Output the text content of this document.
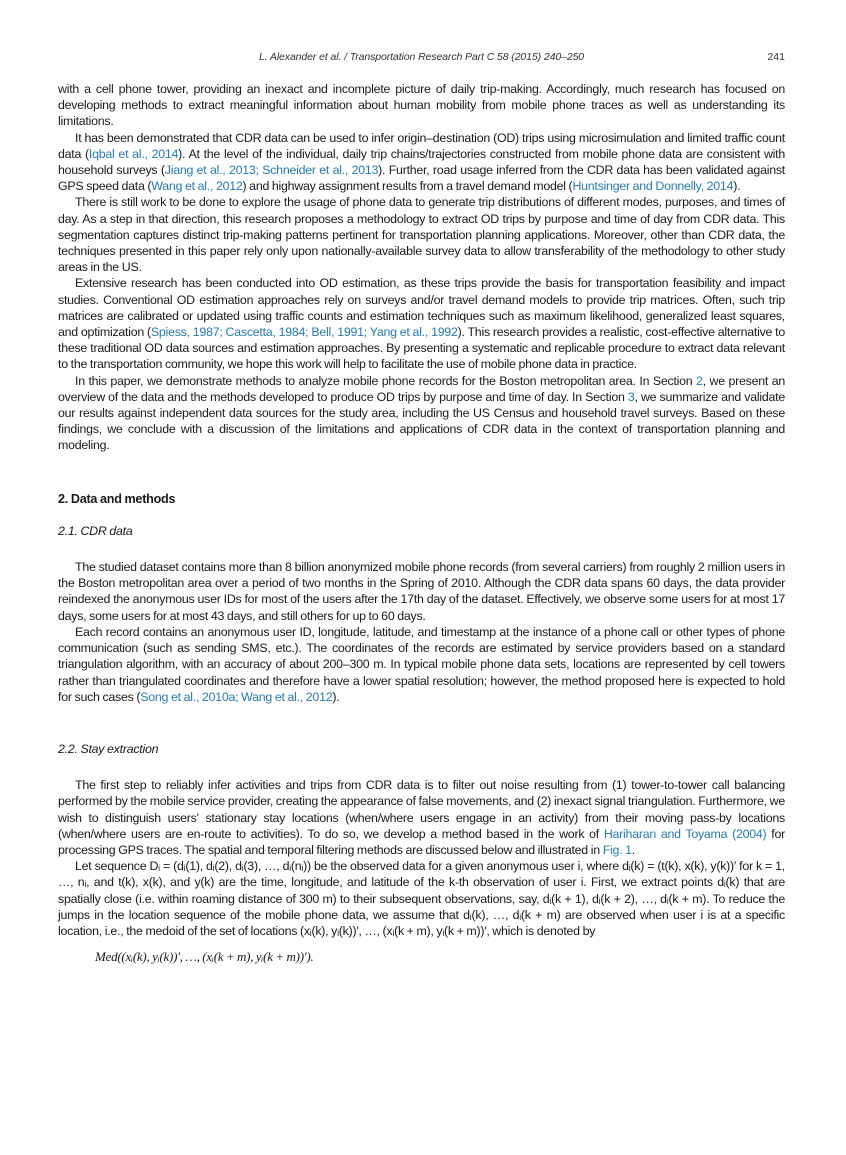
L. Alexander et al. / Transportation Research Part C 58 (2015) 240–250	241

with a cell phone tower, providing an inexact and incomplete picture of daily trip-making. Accordingly, much research has focused on developing methods to extract meaningful information about human mobility from mobile phone traces as well as understanding its limitations.

It has been demonstrated that CDR data can be used to infer origin–destination (OD) trips using microsimulation and limited traffic count data (Iqbal et al., 2014). At the level of the individual, daily trip chains/trajectories constructed from mobile phone data are consistent with household surveys (Jiang et al., 2013; Schneider et al., 2013). Further, road usage inferred from the CDR data has been validated against GPS speed data (Wang et al., 2012) and highway assignment results from a travel demand model (Huntsinger and Donnelly, 2014).

There is still work to be done to explore the usage of phone data to generate trip distributions of different modes, purposes, and times of day. As a step in that direction, this research proposes a methodology to extract OD trips by purpose and time of day from CDR data. This segmentation captures distinct trip-making patterns pertinent for transportation planning applications. Moreover, other than CDR data, the techniques presented in this paper rely only upon nationally-available survey data to allow transferability of the methodology to other study areas in the US.

Extensive research has been conducted into OD estimation, as these trips provide the basis for transportation feasibility and impact studies. Conventional OD estimation approaches rely on surveys and/or travel demand models to provide trip matrices. Often, such trip matrices are calibrated or updated using traffic counts and estimation techniques such as maximum likelihood, generalized least squares, and optimization (Spiess, 1987; Cascetta, 1984; Bell, 1991; Yang et al., 1992). This research provides a realistic, cost-effective alternative to these traditional OD data sources and estimation approaches. By presenting a systematic and replicable procedure to extract data relevant to the transportation community, we hope this work will help to facilitate the use of mobile phone data in practice.

In this paper, we demonstrate methods to analyze mobile phone records for the Boston metropolitan area. In Section 2, we present an overview of the data and the methods developed to produce OD trips by purpose and time of day. In Section 3, we summarize and validate our results against independent data sources for the study area, including the US Census and household travel surveys. Based on these findings, we conclude with a discussion of the limitations and applications of CDR data in the context of transportation planning and modeling.

2. Data and methods
2.1. CDR data

The studied dataset contains more than 8 billion anonymized mobile phone records (from several carriers) from roughly 2 million users in the Boston metropolitan area over a period of two months in the Spring of 2010. Although the CDR data spans 60 days, the data provider reindexed the anonymous user IDs for most of the users after the 17th day of the dataset. Effectively, we observe some users for at most 17 days, some users for at most 43 days, and still others for up to 60 days.

Each record contains an anonymous user ID, longitude, latitude, and timestamp at the instance of a phone call or other types of phone communication (such as sending SMS, etc.). The coordinates of the records are estimated by service providers based on a standard triangulation algorithm, with an accuracy of about 200–300 m. In typical mobile phone data sets, locations are represented by cell towers rather than triangulated coordinates and therefore have a lower spatial resolution; however, the method proposed here is expected to hold for such cases (Song et al., 2010a; Wang et al., 2012).

2.2. Stay extraction

The first step to reliably infer activities and trips from CDR data is to filter out noise resulting from (1) tower-to-tower call balancing performed by the mobile service provider, creating the appearance of false movements, and (2) inexact signal triangulation. Furthermore, we wish to distinguish users' stationary stay locations (when/where users engage in an activity) from their moving pass-by locations (when/where users are en-route to activities). To do so, we develop a method based in the work of Hariharan and Toyama (2004) for processing GPS traces. The spatial and temporal filtering methods are discussed below and illustrated in Fig. 1.

Let sequence Dᵢ = (dᵢ(1), dᵢ(2), dᵢ(3), …, dᵢ(nᵢ)) be the observed data for a given anonymous user i, where dᵢ(k) = (t(k), x(k), y(k))′ for k = 1, …, nᵢ, and t(k), x(k), and y(k) are the time, longitude, and latitude of the k-th observation of user i. First, we extract points dᵢ(k) that are spatially close (i.e. within roaming distance of 300 m) to their subsequent observations, say, dᵢ(k + 1), dᵢ(k + 2), …, dᵢ(k + m). To reduce the jumps in the location sequence of the mobile phone data, we assume that dᵢ(k), …, dᵢ(k + m) are observed when user i is at a specific location, i.e., the medoid of the set of locations (xᵢ(k), yᵢ(k))′, …, (xᵢ(k + m), yᵢ(k + m))′, which is denoted by

Med((xᵢ(k), yᵢ(k))′, …, (xᵢ(k + m), yᵢ(k + m))′).
